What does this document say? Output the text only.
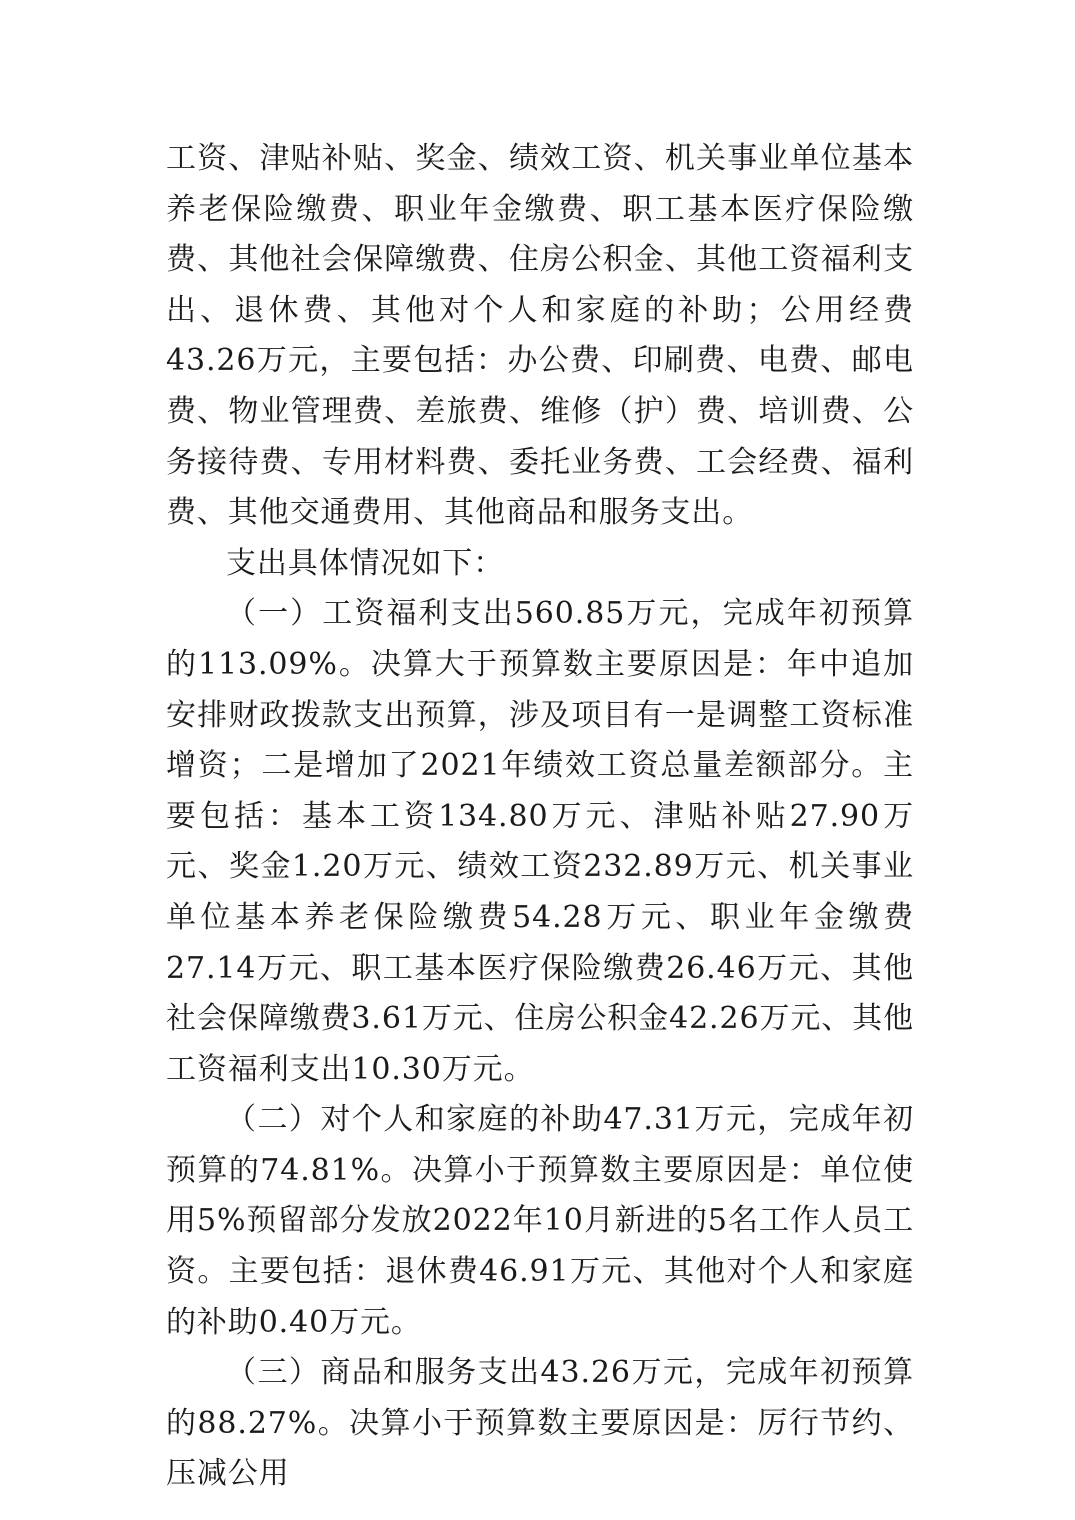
工资、津贴补贴、奖金、绩效工资、机关事业单位基本养老保险缴费、职业年金缴费、职工基本医疗保险缴费、其他社会保障缴费、住房公积金、其他工资福利支出、退休费、其他对个人和家庭的补助；公用经费43.26万元，主要包括：办公费、印刷费、电费、邮电费、物业管理费、差旅费、维修（护）费、培训费、公务接待费、专用材料费、委托业务费、工会经费、福利费、其他交通费用、其他商品和服务支出。

支出具体情况如下：

（一）工资福利支出560.85万元，完成年初预算的113.09%。决算大于预算数主要原因是：年中追加安排财政拨款支出预算，涉及项目有一是调整工资标准增资；二是增加了2021年绩效工资总量差额部分。主要包括：基本工资134.80万元、津贴补贴27.90万元、奖金1.20万元、绩效工资232.89万元、机关事业单位基本养老保险缴费54.28万元、职业年金缴费27.14万元、职工基本医疗保险缴费26.46万元、其他社会保障缴费3.61万元、住房公积金42.26万元、其他工资福利支出10.30万元。

（二）对个人和家庭的补助47.31万元，完成年初预算的74.81%。决算小于预算数主要原因是：单位使用5%预留部分发放2022年10月新进的5名工作人员工资。主要包括：退休费46.91万元、其他对个人和家庭的补助0.40万元。

（三）商品和服务支出43.26万元，完成年初预算的88.27%。决算小于预算数主要原因是：厉行节约、压减公用
